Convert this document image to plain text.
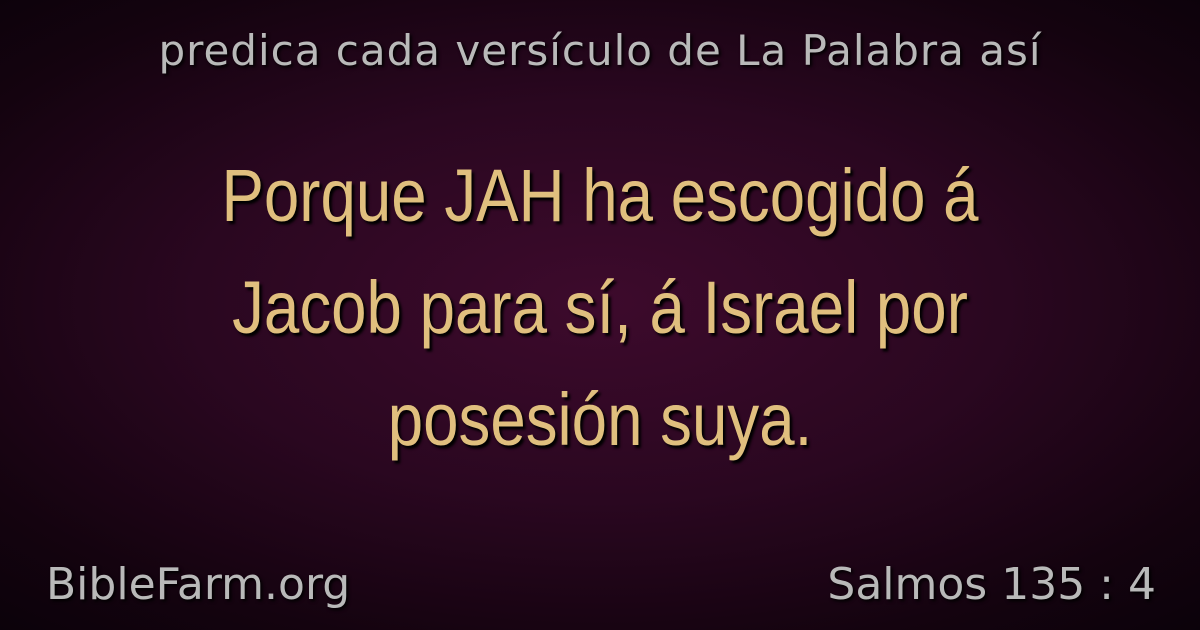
predica cada versículo de La Palabra así
Porque JAH ha escogido á Jacob para sí, á Israel por posesión suya.
BibleFarm.org	Salmos 135 : 4
